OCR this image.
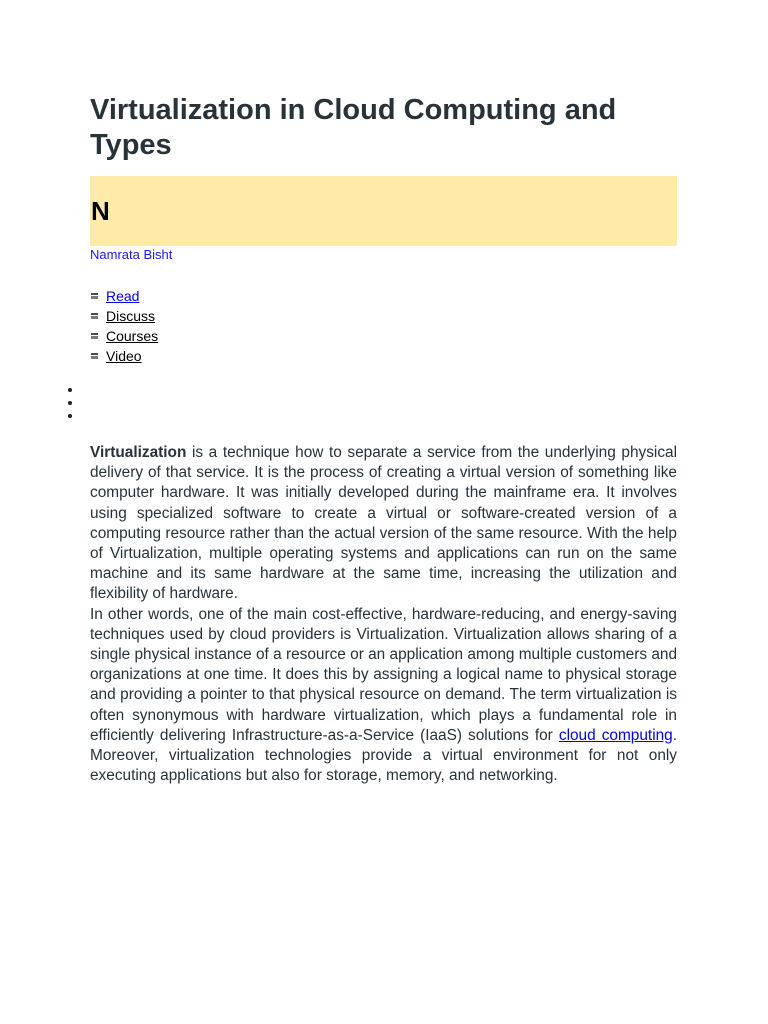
Virtualization in Cloud Computing and Types
N
Namrata Bisht
Read
Discuss
Courses
Video

Virtualization is a technique how to separate a service from the underlying physical delivery of that service. It is the process of creating a virtual version of something like computer hardware. It was initially developed during the mainframe era. It involves using specialized software to create a virtual or software-created version of a computing resource rather than the actual version of the same resource. With the help of Virtualization, multiple operating systems and applications can run on the same machine and its same hardware at the same time, increasing the utilization and flexibility of hardware.

In other words, one of the main cost-effective, hardware-reducing, and energy-saving techniques used by cloud providers is Virtualization. Virtualization allows sharing of a single physical instance of a resource or an application among multiple customers and organizations at one time. It does this by assigning a logical name to physical storage and providing a pointer to that physical resource on demand. The term virtualization is often synonymous with hardware virtualization, which plays a fundamental role in efficiently delivering Infrastructure-as-a-Service (IaaS) solutions for cloud computing. Moreover, virtualization technologies provide a virtual environment for not only executing applications but also for storage, memory, and networking.
